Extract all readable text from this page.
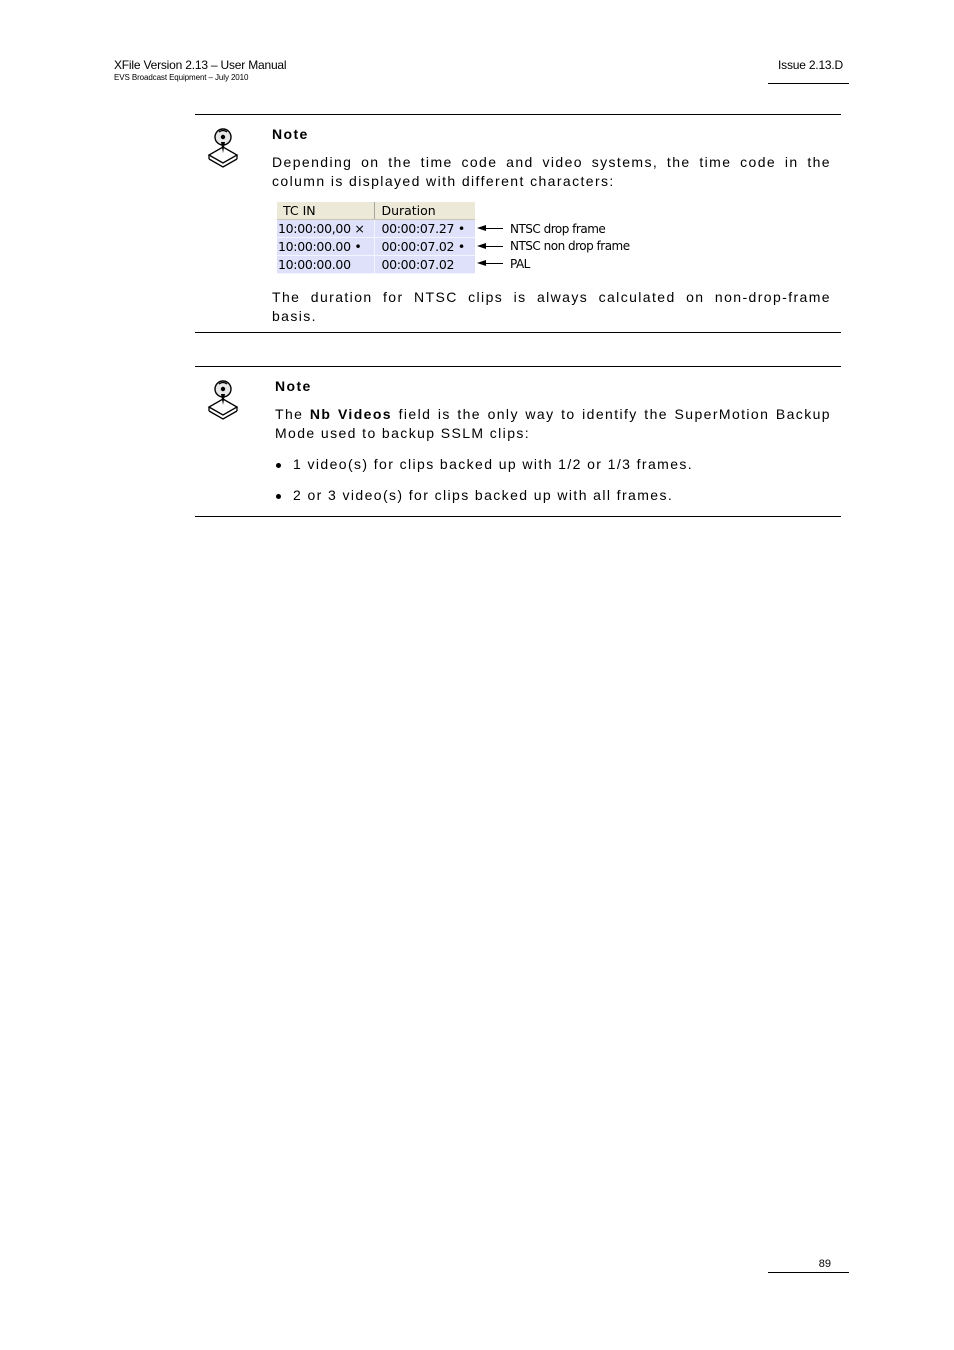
XFile Version 2.13 – User Manual
EVS Broadcast Equipment – July 2010
Issue 2.13.D

Note

Depending on the time code and video systems, the time code in the column is displayed with different characters:

TC IN	Duration
10:00:00,00 ×	00:00:07.27 •
10:00:00.00 •	00:00:07.02 •
10:00:00.00	00:00:07.02
NTSC drop frame
NTSC non drop frame
PAL

The duration for NTSC clips is always calculated on non-drop-frame basis.

Note

The Nb Videos field is the only way to identify the SuperMotion Backup Mode used to backup SSLM clips:

1 video(s) for clips backed up with 1/2 or 1/3 frames.
2 or 3 video(s) for clips backed up with all frames.
89
